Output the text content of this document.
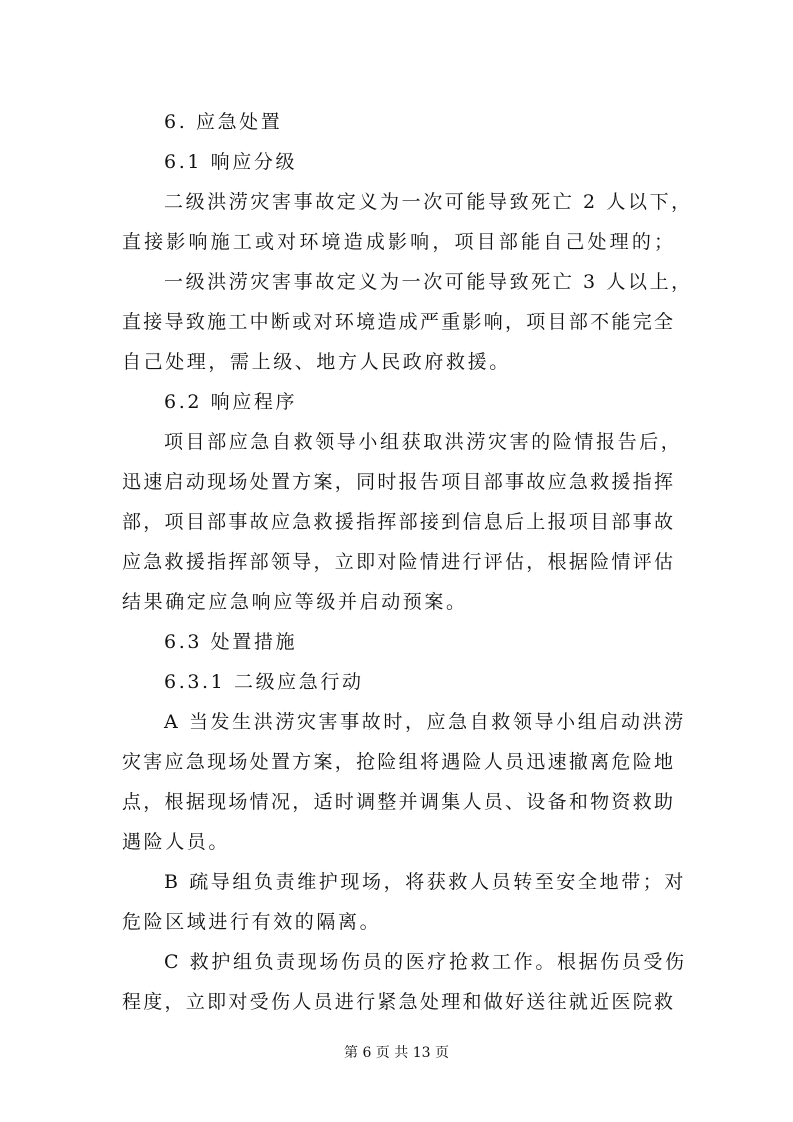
6. 应急处置
6.1 响应分级
二级洪涝灾害事故定义为一次可能导致死亡 2 人以下，
直接影响施工或对环境造成影响，项目部能自己处理的；
一级洪涝灾害事故定义为一次可能导致死亡 3 人以上，
直接导致施工中断或对环境造成严重影响，项目部不能完全
自己处理，需上级、地方人民政府救援。
6.2 响应程序
项目部应急自救领导小组获取洪涝灾害的险情报告后，
迅速启动现场处置方案，同时报告项目部事故应急救援指挥
部，项目部事故应急救援指挥部接到信息后上报项目部事故
应急救援指挥部领导，立即对险情进行评估，根据险情评估
结果确定应急响应等级并启动预案。
6.3 处置措施
6.3.1 二级应急行动
A 当发生洪涝灾害事故时，应急自救领导小组启动洪涝
灾害应急现场处置方案，抢险组将遇险人员迅速撤离危险地
点，根据现场情况，适时调整并调集人员、设备和物资救助
遇险人员。
B 疏导组负责维护现场，将获救人员转至安全地带；对
危险区域进行有效的隔离。
C 救护组负责现场伤员的医疗抢救工作。根据伤员受伤
程度，立即对受伤人员进行紧急处理和做好送往就近医院救
第 6 页 共 13 页
